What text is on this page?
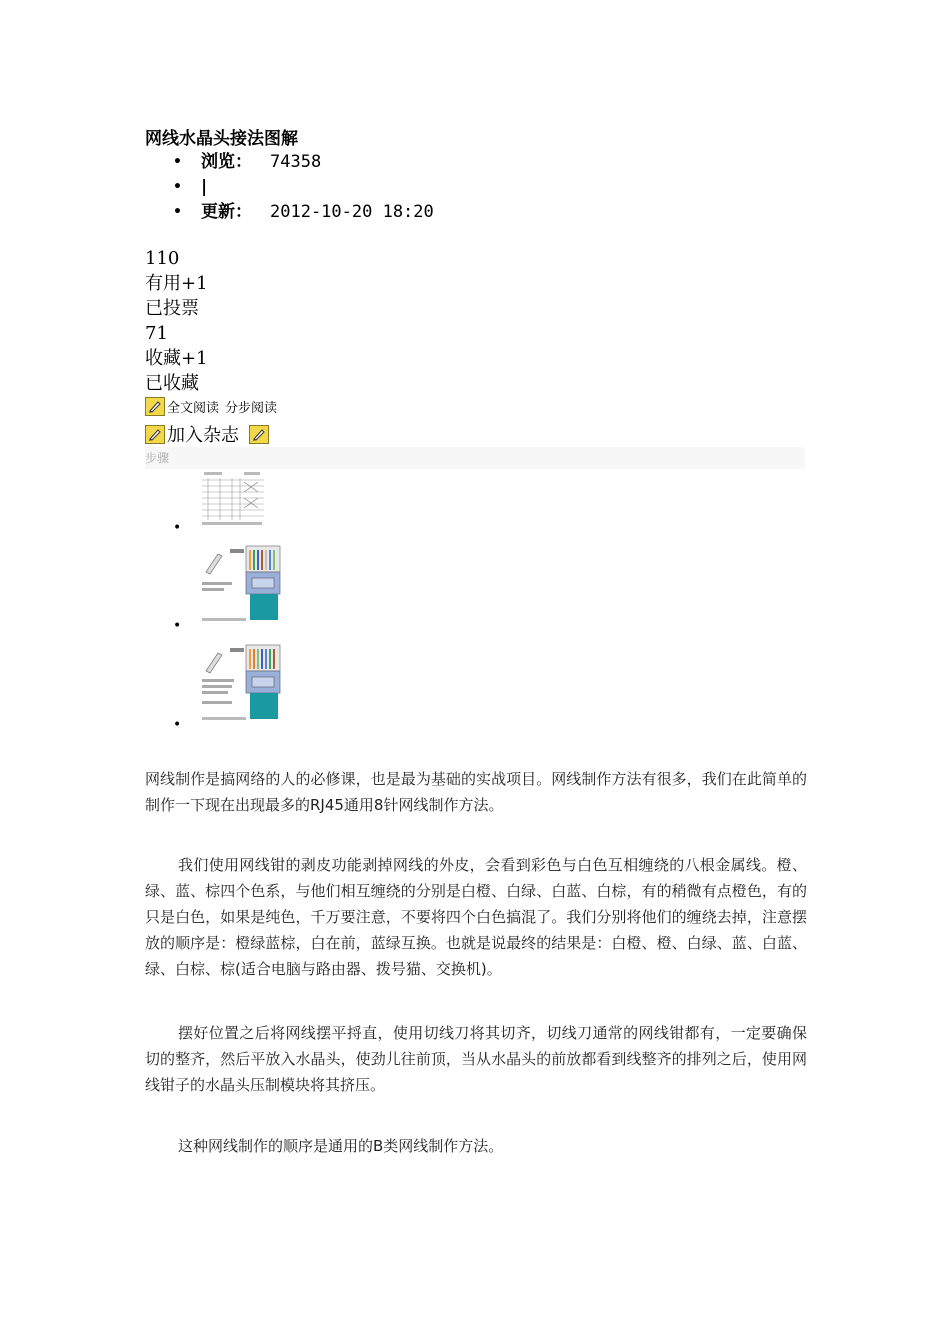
网线水晶头接法图解
• 浏览： 74358
• |
• 更新： 2012-10-20 18:20
110
有用+1
已投票
71
收藏+1
已收藏
全文阅读 分步阅读
加入杂志
步骤
•
•
•
网线制作是搞网络的人的必修课，也是最为基础的实战项目。网线制作方法有很多，我们在此简单的制作一下现在出现最多的RJ45通用8针网线制作方法。
我们使用网线钳的剥皮功能剥掉网线的外皮，会看到彩色与白色互相缠绕的八根金属线。橙、绿、蓝、棕四个色系，与他们相互缠绕的分别是白橙、白绿、白蓝、白棕，有的稍微有点橙色，有的只是白色，如果是纯色，千万要注意，不要将四个白色搞混了。我们分别将他们的缠绕去掉，注意摆放的顺序是：橙绿蓝棕，白在前，蓝绿互换。也就是说最终的结果是：白橙、橙、白绿、蓝、白蓝、绿、白棕、棕(适合电脑与路由器、拨号猫、交换机)。
摆好位置之后将网线摆平捋直，使用切线刀将其切齐，切线刀通常的网线钳都有，一定要确保切的整齐，然后平放入水晶头，使劲儿往前顶，当从水晶头的前放都看到线整齐的排列之后，使用网线钳子的水晶头压制模块将其挤压。
这种网线制作的顺序是通用的B类网线制作方法。
